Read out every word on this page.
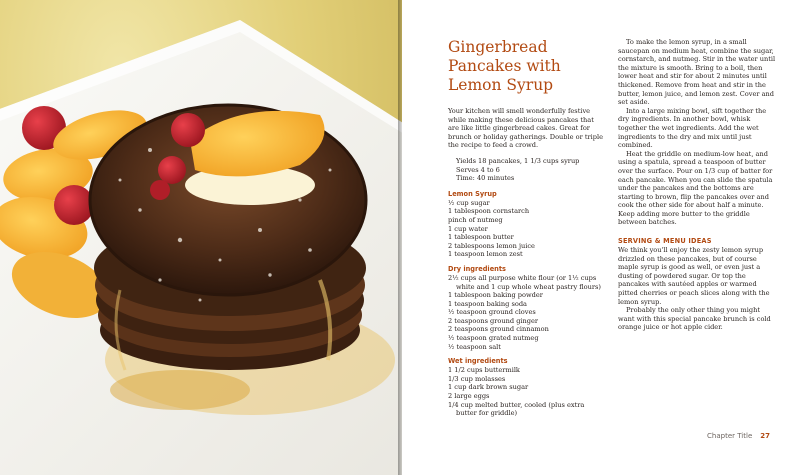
Gingerbread Pancakes with Lemon Syrup

Your kitchen will smell wonderfully festive while making these delicious pancakes that are like little gingerbread cakes. Great for brunch or holiday gatherings. Double or triple the recipe to feed a crowd.

Yields 18 pancakes, 1 1/3 cups syrup
Serves 4 to 6
Time: 40 minutes
Lemon Syrup
½ cup sugar
1 tablespoon cornstarch
pinch of nutmeg
1 cup water
1 tablespoon butter
2 tablespoons lemon juice
1 teaspoon lemon zest
Dry ingredients
2½ cups all purpose white flour (or 1½ cups white and 1 cup whole wheat pastry flours)
1 tablespoon baking powder
1 teaspoon baking soda
½ teaspoon ground cloves
2 teaspoons ground ginger
2 teaspoons ground cinnamon
½ teaspoon grated nutmeg
½ teaspoon salt
Wet ingredients
1 1/2 cups buttermilk
1/3 cup molasses
1 cup dark brown sugar
2 large eggs
1/4 cup melted butter, cooled (plus extra butter for griddle)

To make the lemon syrup, in a small saucepan on medium heat, combine the sugar, cornstarch, and nutmeg. Stir in the water until the mixture is smooth. Bring to a boil, then lower heat and stir for about 2 minutes until thickened. Remove from heat and stir in the butter, lemon juice, and lemon zest. Cover and set aside.

Into a large mixing bowl, sift together the dry ingredients. In another bowl, whisk together the wet ingredients. Add the wet ingredients to the dry and mix until just combined.

Heat the griddle on medium-low heat, and using a spatula, spread a teaspoon of butter over the surface. Pour on 1/3 cup of batter for each pancake. When you can slide the spatula under the pancakes and the bottoms are starting to brown, flip the pancakes over and cook the other side for about half a minute. Keep adding more butter to the griddle between batches.

SERVING & MENU IDEAS

We think you'll enjoy the zesty lemon syrup drizzled on these pancakes, but of course maple syrup is good as well, or even just a dusting of powdered sugar. Or top the pancakes with sautéed apples or warmed pitted cherries or peach slices along with the lemon syrup.

Probably the only other thing you might want with this special pancake brunch is cold orange juice or hot apple cider.

Chapter Title 27
